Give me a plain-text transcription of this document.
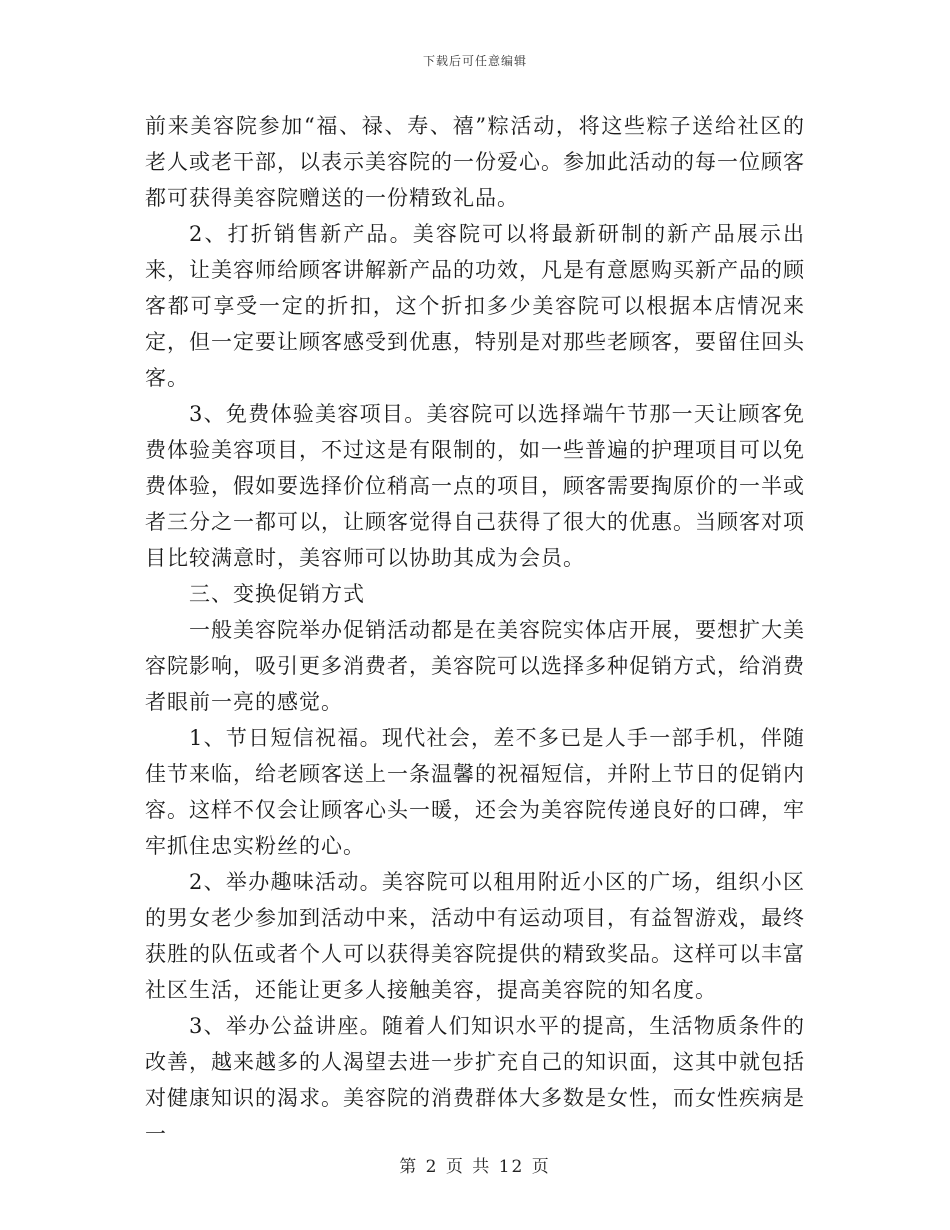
下载后可任意编辑

前来美容院参加“福、禄、寿、禧”粽活动，将这些粽子送给社区的老人或老干部，以表示美容院的一份爱心。参加此活动的每一位顾客都可获得美容院赠送的一份精致礼品。

2、打折销售新产品。美容院可以将最新研制的新产品展示出来，让美容师给顾客讲解新产品的功效，凡是有意愿购买新产品的顾客都可享受一定的折扣，这个折扣多少美容院可以根据本店情况来定，但一定要让顾客感受到优惠，特别是对那些老顾客，要留住回头客。

3、免费体验美容项目。美容院可以选择端午节那一天让顾客免费体验美容项目，不过这是有限制的，如一些普遍的护理项目可以免费体验，假如要选择价位稍高一点的项目，顾客需要掏原价的一半或者三分之一都可以，让顾客觉得自己获得了很大的优惠。当顾客对项目比较满意时，美容师可以协助其成为会员。

三、变换促销方式

一般美容院举办促销活动都是在美容院实体店开展，要想扩大美容院影响，吸引更多消费者，美容院可以选择多种促销方式，给消费者眼前一亮的感觉。

1、节日短信祝福。现代社会，差不多已是人手一部手机，伴随佳节来临，给老顾客送上一条温馨的祝福短信，并附上节日的促销内容。这样不仅会让顾客心头一暖，还会为美容院传递良好的口碑，牢牢抓住忠实粉丝的心。

2、举办趣味活动。美容院可以租用附近小区的广场，组织小区的男女老少参加到活动中来，活动中有运动项目，有益智游戏，最终获胜的队伍或者个人可以获得美容院提供的精致奖品。这样可以丰富社区生活，还能让更多人接触美容，提高美容院的知名度。

3、举办公益讲座。随着人们知识水平的提高，生活物质条件的改善，越来越多的人渴望去进一步扩充自己的知识面，这其中就包括对健康知识的渴求。美容院的消费群体大多数是女性，而女性疾病是一

第 2 页 共 12 页
